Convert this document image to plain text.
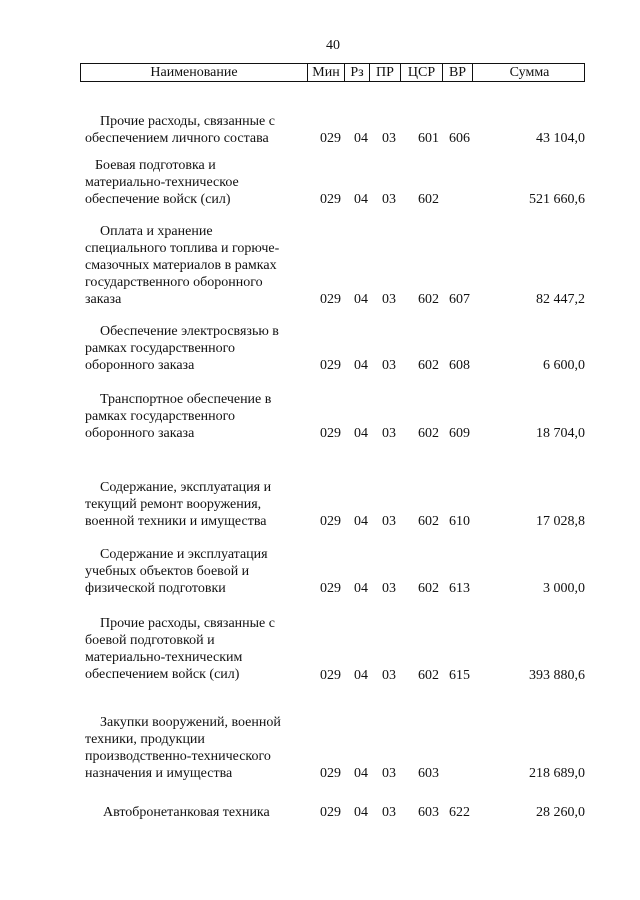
40
Наименование	Мин Рз ПР ЦСР ВР	Сумма
Прочие расходы, связанные с
обеспечением личного состава	029 04 03 601 606	43 104,0
Боевая подготовка и
материально-техническое
обеспечение войск (сил)	029 04 03 602	521 660,6
Оплата и хранение
специального топлива и горюче-
смазочных материалов в рамках
государственного оборонного
заказа	029 04 03 602 607	82 447,2
Обеспечение электросвязью в
рамках государственного
оборонного заказа	029 04 03 602 608	6 600,0
Транспортное обеспечение в
рамках государственного
оборонного заказа	029 04 03 602 609	18 704,0
Содержание, эксплуатация и
текущий ремонт вооружения,
военной техники и имущества	029 04 03 602 610	17 028,8
Содержание и эксплуатация
учебных объектов боевой и
физической подготовки	029 04 03 602 613	3 000,0
Прочие расходы, связанные с
боевой подготовкой и
материально-техническим
обеспечением войск (сил)	029 04 03 602 615	393 880,6
Закупки вооружений, военной
техники, продукции
производственно-технического
назначения и имущества	029 04 03 603	218 689,0
Автобронетанковая техника	029 04 03 603 622	28 260,0
